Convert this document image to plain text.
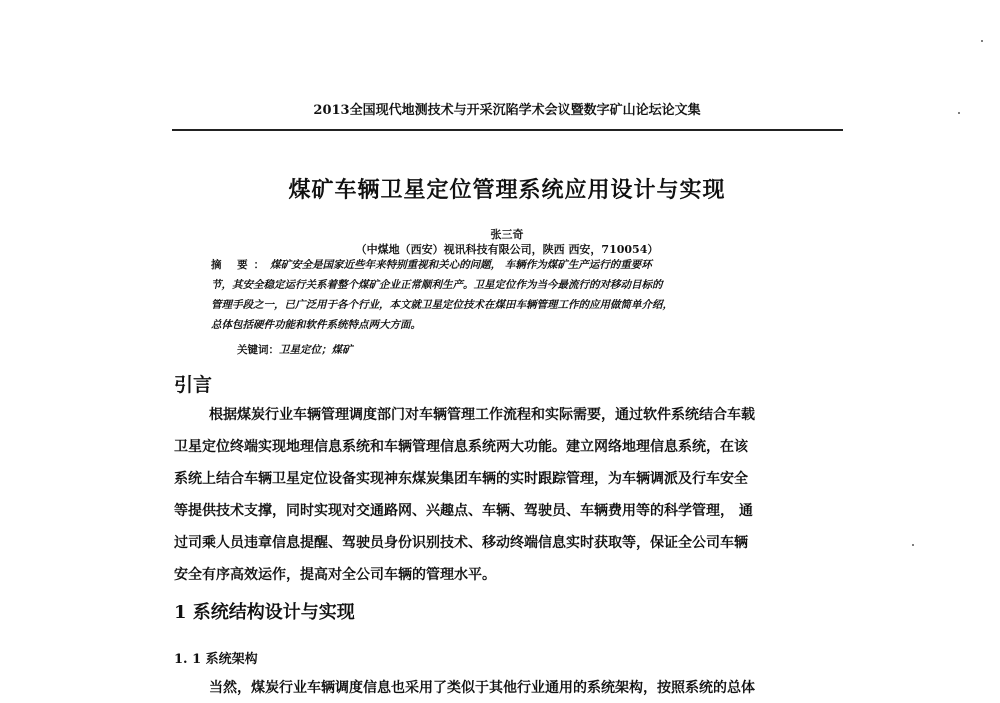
2013全国现代地测技术与开采沉陷学术会议暨数字矿山论坛论文集
煤矿车辆卫星定位管理系统应用设计与实现
张三奇
（中煤地（西安）视讯科技有限公司，陕西 西安，710054）
摘 要：煤矿安全是国家近些年来特别重视和关心的问题， 车辆作为煤矿生产运行的重要环
节，其安全稳定运行关系着整个煤矿企业正常顺利生产。卫星定位作为当今最流行的对移动目标的
管理手段之一，已广泛用于各个行业，本文就卫星定位技术在煤田车辆管理工作的应用做简单介绍，
总体包括硬件功能和软件系统特点两大方面。
关键词：卫星定位；煤矿
引言
根据煤炭行业车辆管理调度部门对车辆管理工作流程和实际需要，通过软件系统结合车载
卫星定位终端实现地理信息系统和车辆管理信息系统两大功能。建立网络地理信息系统，在该
系统上结合车辆卫星定位设备实现神东煤炭集团车辆的实时跟踪管理，为车辆调派及行车安全
等提供技术支撑，同时实现对交通路网、兴趣点、车辆、驾驶员、车辆费用等的科学管理， 通
过司乘人员违章信息提醒、驾驶员身份识别技术、移动终端信息实时获取等，保证全公司车辆
安全有序高效运作，提高对全公司车辆的管理水平。
1 系统结构设计与实现
1. 1 系统架构
当然，煤炭行业车辆调度信息也采用了类似于其他行业通用的系统架构，按照系统的总体
